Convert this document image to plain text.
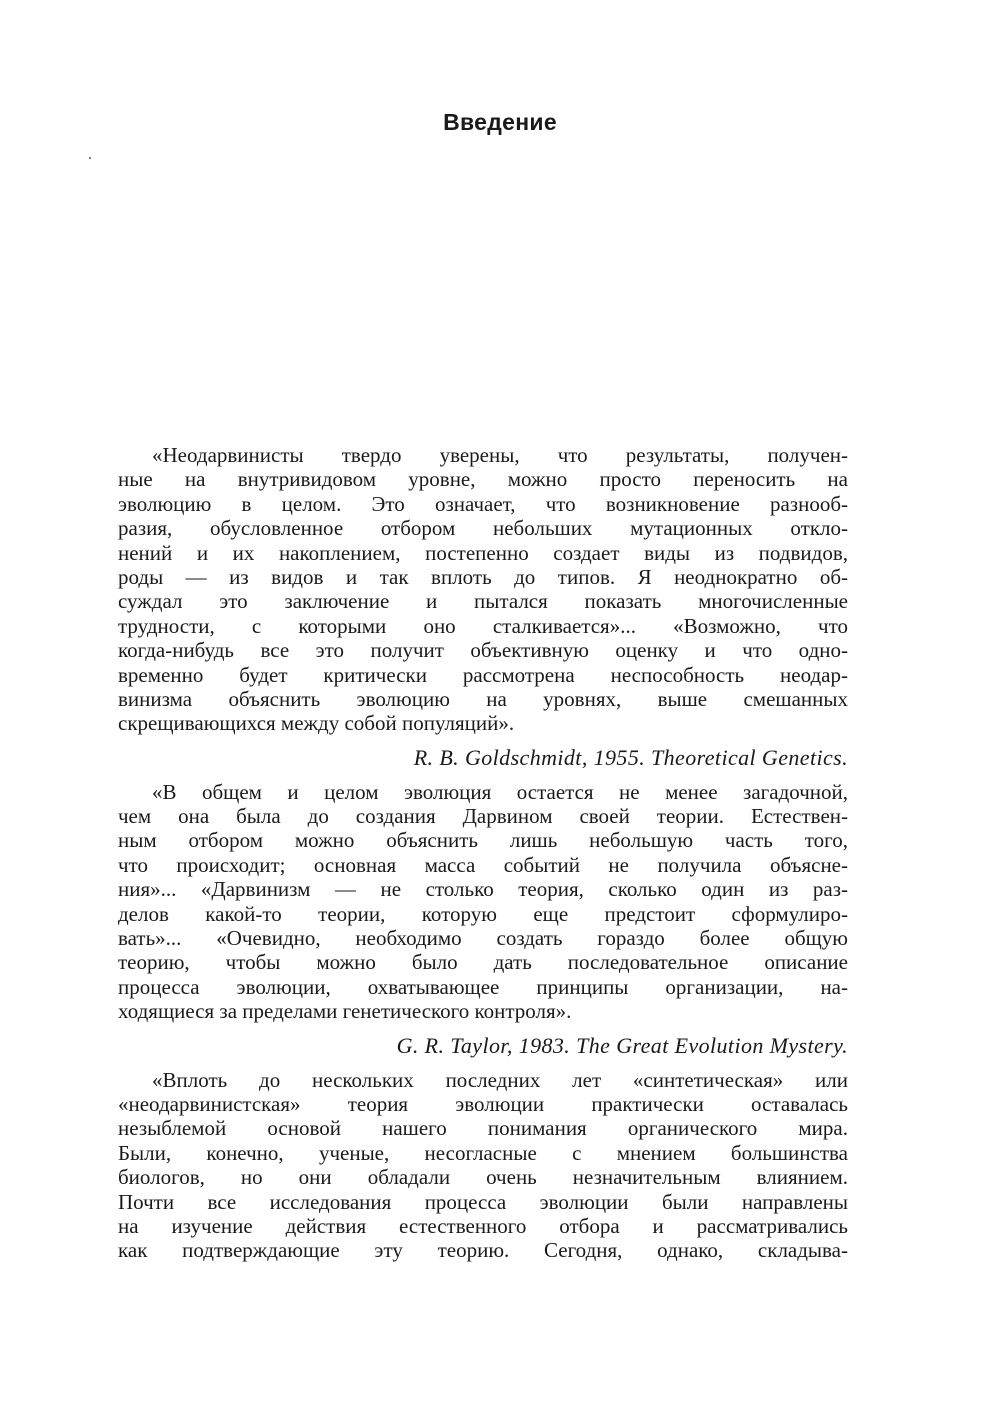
Введение
«Неодарвинисты твердо уверены, что результаты, получен-
ные на внутривидовом уровне, можно просто переносить на
эволюцию в целом. Это означает, что возникновение разнооб-
разия, обусловленное отбором небольших мутационных откло-
нений и их накоплением, постепенно создает виды из подвидов,
роды — из видов и так вплоть до типов. Я неоднократно об-
суждал это заключение и пытался показать многочисленные
трудности, с которыми оно сталкивается»... «Возможно, что
когда-нибудь все это получит объективную оценку и что одно-
временно будет критически рассмотрена неспособность неодар-
винизма объяснить эволюцию на уровнях, выше смешанных
скрещивающихся между собой популяций».
R. B. Goldschmidt, 1955. Theoretical Genetics.
«В общем и целом эволюция остается не менее загадочной,
чем она была до создания Дарвином своей теории. Естествен-
ным отбором можно объяснить лишь небольшую часть того,
что происходит; основная масса событий не получила объясне-
ния»... «Дарвинизм — не столько теория, сколько один из раз-
делов какой-то теории, которую еще предстоит сформулиро-
вать»... «Очевидно, необходимо создать гораздо более общую
теорию, чтобы можно было дать последовательное описание
процесса эволюции, охватывающее принципы организации, на-
ходящиеся за пределами генетического контроля».
G. R. Taylor, 1983. The Great Evolution Mystery.
«Вплоть до нескольких последних лет «синтетическая» или
«неодарвинистская» теория эволюции практически оставалась
незыблемой основой нашего понимания органического мира.
Были, конечно, ученые, несогласные с мнением большинства
биологов, но они обладали очень незначительным влиянием.
Почти все исследования процесса эволюции были направлены
на изучение действия естественного отбора и рассматривались
как подтверждающие эту теорию. Сегодня, однако, складыва-
